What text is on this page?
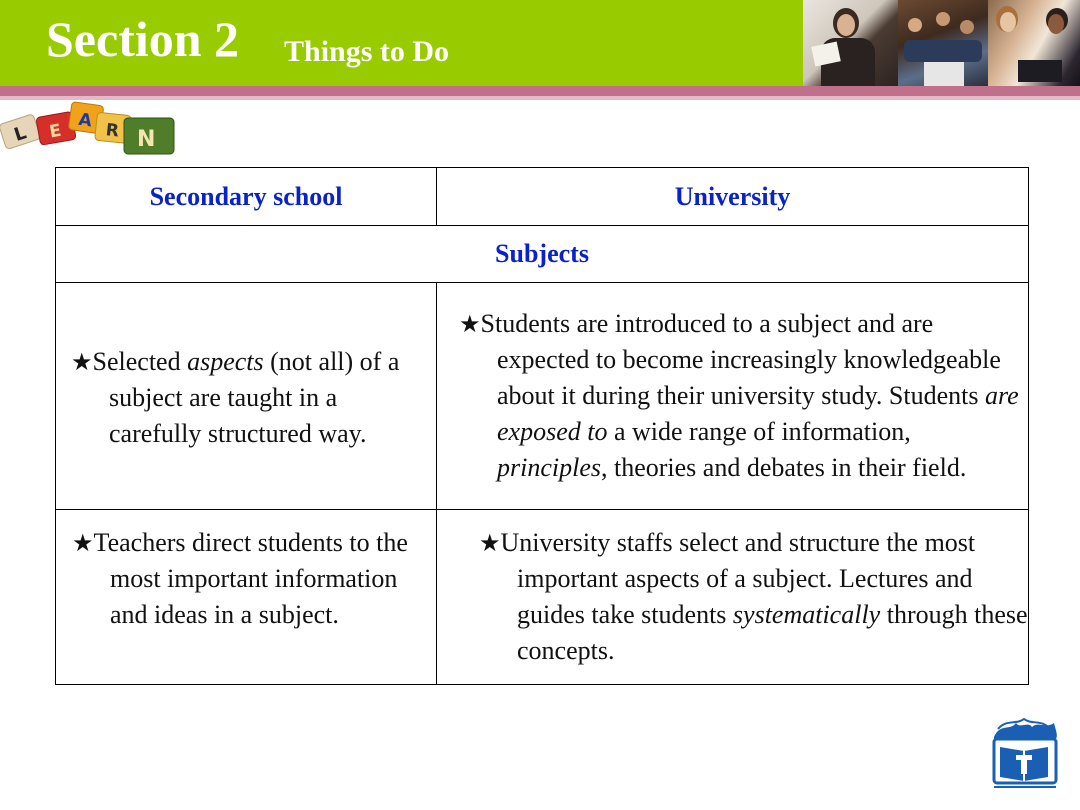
Section 2 Things to Do
L E
A R N
Secondary school	University
Subjects	

★Selected aspects (not all) of a subject are taught in a carefully structured way.	★Students are introduced to a subject and are expected to become increasingly knowledgeable about it during their university study. Students are exposed to a wide range of information, principles, theories and debates in their field.

★Teachers direct students to the most important information and ideas in a subject.	★University staffs select and structure the most important aspects of a subject. Lectures and guides take students systematically through these concepts.
